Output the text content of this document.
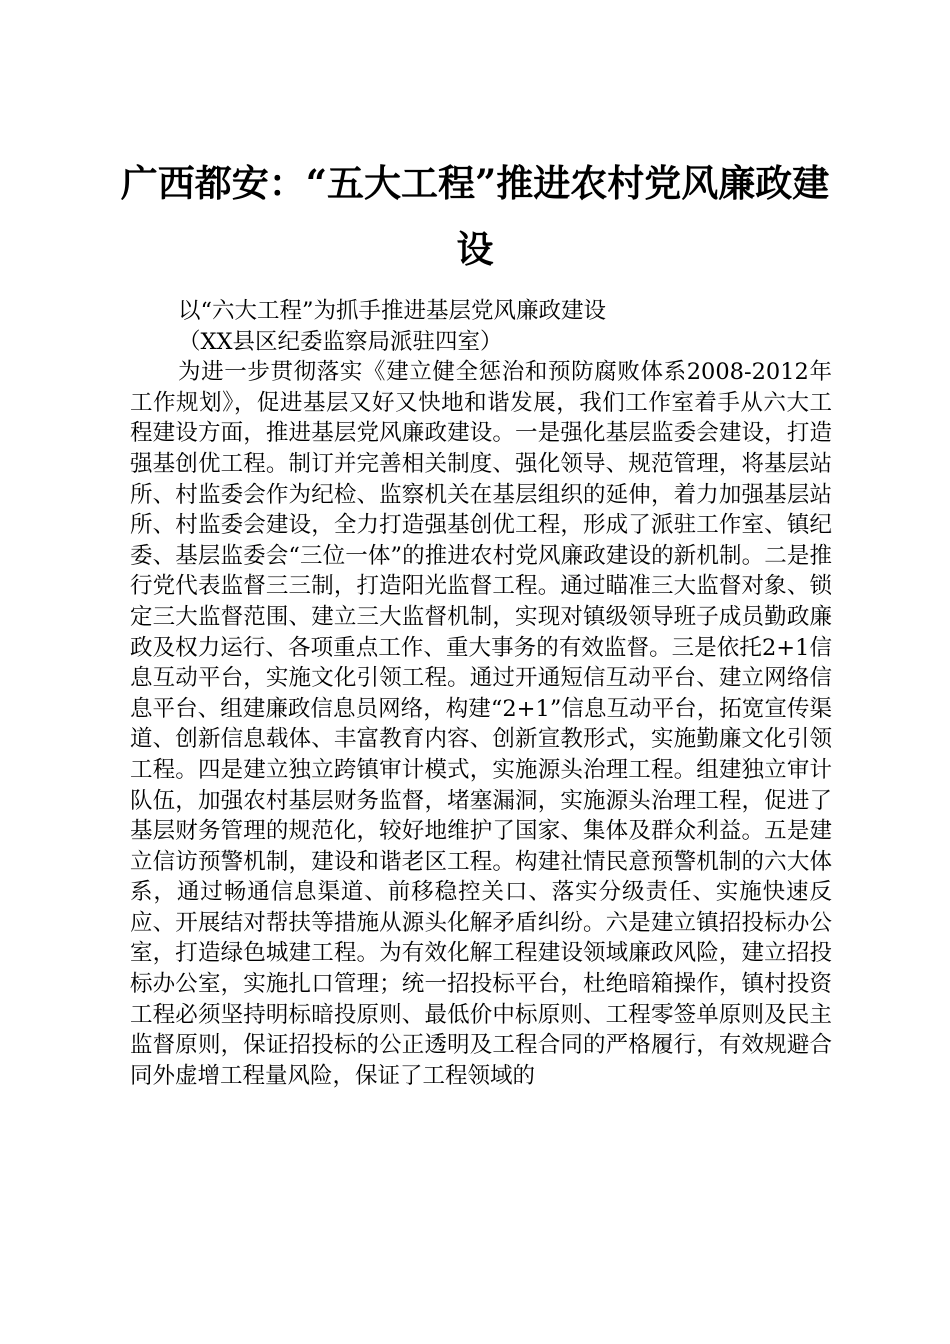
广西都安：“五大工程”推进农村党风廉政建设

以“六大工程”为抓手推进基层党风廉政建设

（XX县区纪委监察局派驻四室）

为进一步贯彻落实《建立健全惩治和预防腐败体系2008-2012年工作规划》，促进基层又好又快地和谐发展，我们工作室着手从六大工程建设方面，推进基层党风廉政建设。一是强化基层监委会建设，打造强基创优工程。制订并完善相关制度、强化领导、规范管理，将基层站所、村监委会作为纪检、监察机关在基层组织的延伸，着力加强基层站所、村监委会建设，全力打造强基创优工程，形成了派驻工作室、镇纪委、基层监委会“三位一体”的推进农村党风廉政建设的新机制。二是推行党代表监督三三制，打造阳光监督工程。通过瞄准三大监督对象、锁定三大监督范围、建立三大监督机制，实现对镇级领导班子成员勤政廉政及权力运行、各项重点工作、重大事务的有效监督。三是依托2+1信息互动平台，实施文化引领工程。通过开通短信互动平台、建立网络信息平台、组建廉政信息员网络，构建“2+1”信息互动平台，拓宽宣传渠道、创新信息载体、丰富教育内容、创新宣教形式，实施勤廉文化引领工程。四是建立独立跨镇审计模式，实施源头治理工程。组建独立审计队伍，加强农村基层财务监督，堵塞漏洞，实施源头治理工程，促进了基层财务管理的规范化，较好地维护了国家、集体及群众利益。五是建立信访预警机制，建设和谐老区工程。构建社情民意预警机制的六大体系，通过畅通信息渠道、前移稳控关口、落实分级责任、实施快速反应、开展结对帮扶等措施从源头化解矛盾纠纷。六是建立镇招投标办公室，打造绿色城建工程。为有效化解工程建设领域廉政风险，建立招投标办公室，实施扎口管理；统一招投标平台，杜绝暗箱操作，镇村投资工程必须坚持明标暗投原则、最低价中标原则、工程零签单原则及民主监督原则，保证招投标的公正透明及工程合同的严格履行，有效规避合同外虚增工程量风险，保证了工程领域的
